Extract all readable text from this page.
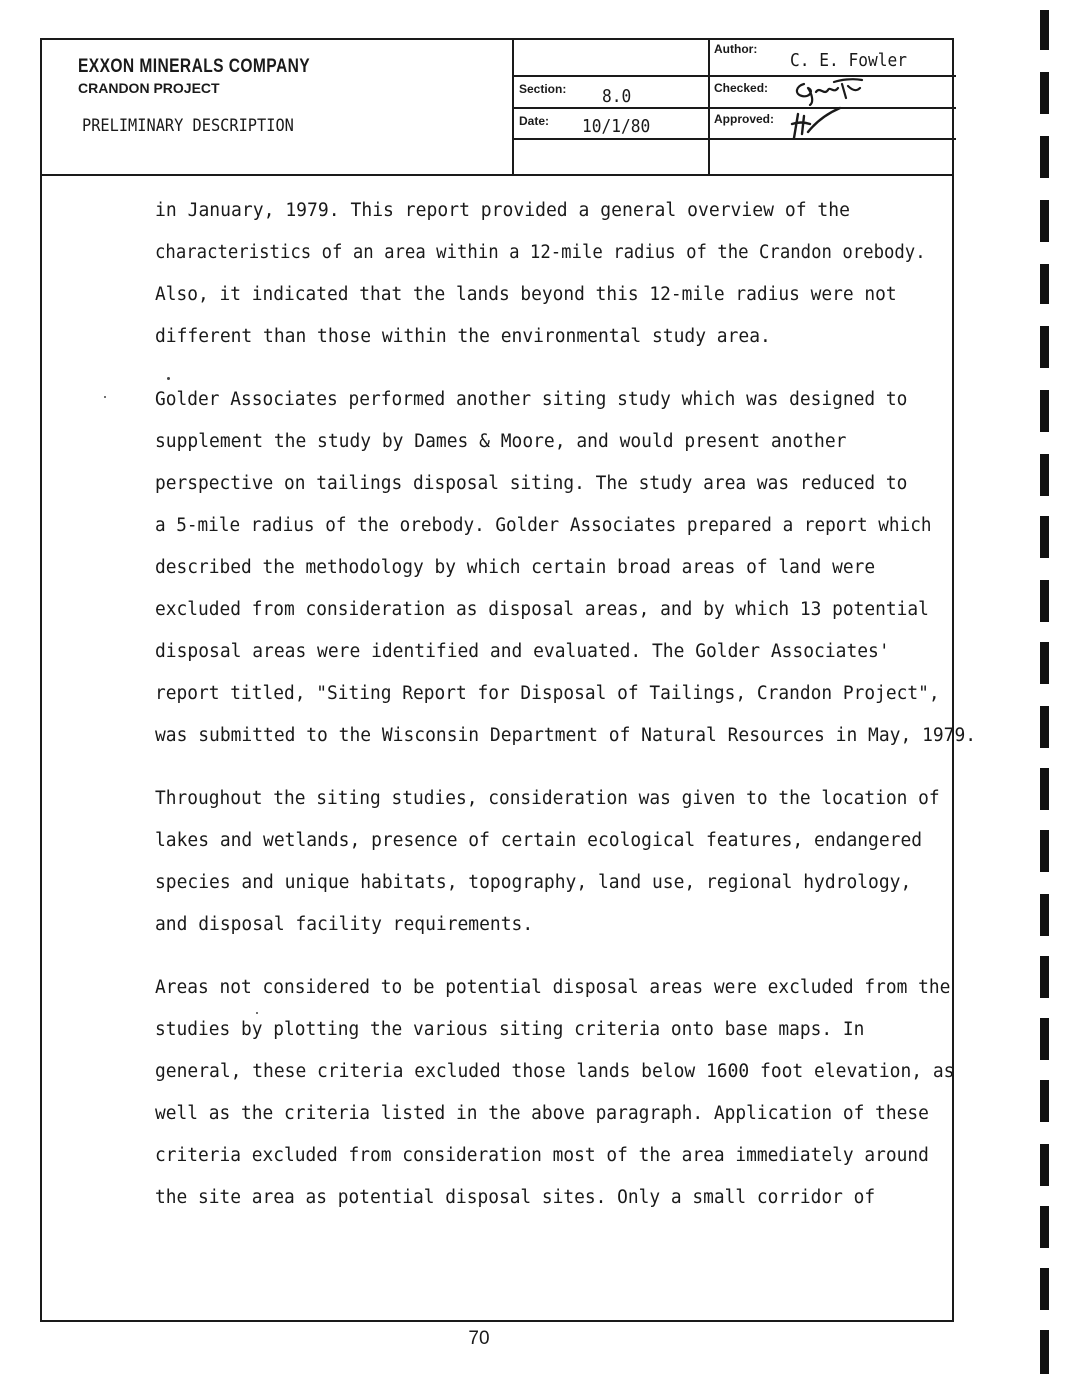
EXXON MINERALS COMPANY
CRANDON PROJECT
PRELIMINARY DESCRIPTION
Author:
C. E. Fowler
Section: 8.0	Checked:
Date: 10/1/80	Approved:
in January, 1979. This report provided a general overview of the
characteristics of an area within a 12-mile radius of the Crandon orebody.
Also, it indicated that the lands beyond this 12-mile radius were not
different than those within the environmental study area.
Golder Associates performed another siting study which was designed to
supplement the study by Dames & Moore, and would present another
perspective on tailings disposal siting. The study area was reduced to
a 5-mile radius of the orebody. Golder Associates prepared a report which
described the methodology by which certain broad areas of land were
excluded from consideration as disposal areas, and by which 13 potential
disposal areas were identified and evaluated. The Golder Associates'
report titled, "Siting Report for Disposal of Tailings, Crandon Project",
was submitted to the Wisconsin Department of Natural Resources in May, 1979.
Throughout the siting studies, consideration was given to the location of
lakes and wetlands, presence of certain ecological features, endangered
species and unique habitats, topography, land use, regional hydrology,
and disposal facility requirements.
Areas not considered to be potential disposal areas were excluded from the
studies by plotting the various siting criteria onto base maps. In
general, these criteria excluded those lands below 1600 foot elevation, as
well as the criteria listed in the above paragraph. Application of these
criteria excluded from consideration most of the area immediately around
the site area as potential disposal sites. Only a small corridor of
70
